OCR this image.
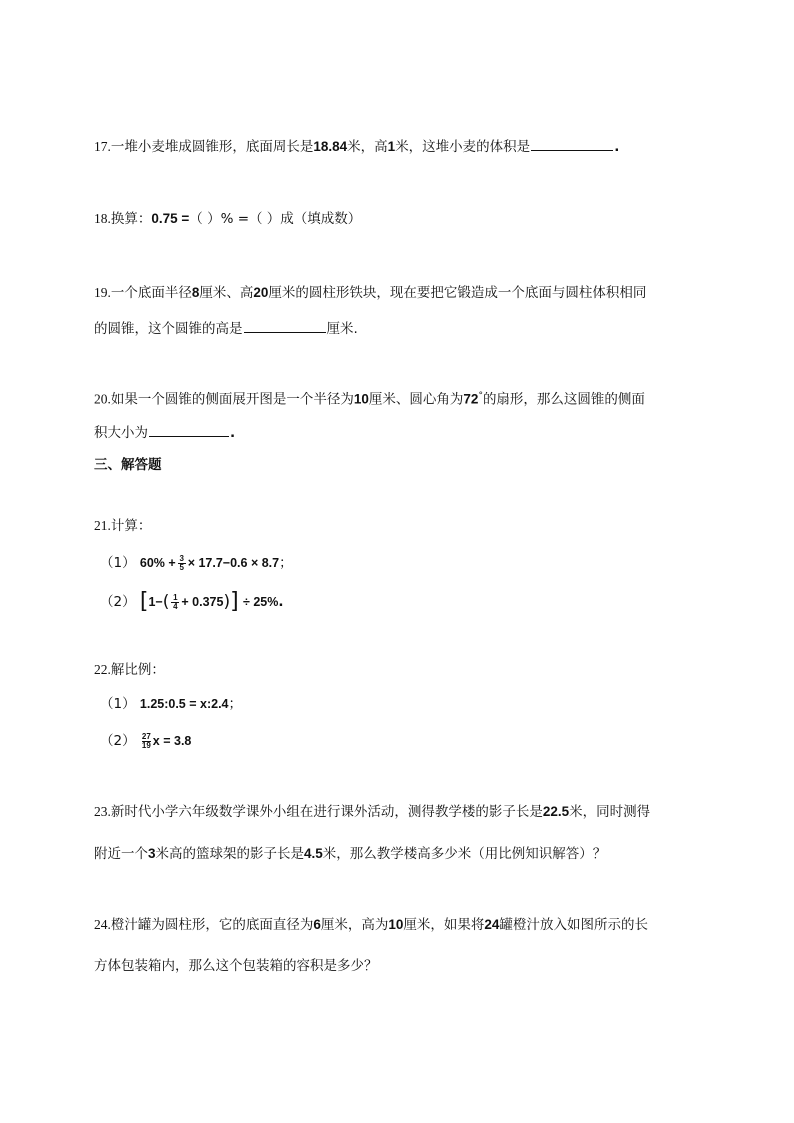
17.一堆小麦堆成圆锥形，底面周长是18.84米，高1米，这堆小麦的体积是	.
18.换算：0.75 =（ ）% =（ ）成（填成数）
19.一个底面半径8厘米、高20厘米的圆柱形铁块，现在要把它锻造成一个底面与圆柱体积相同
的圆锥，这个圆锥的高是	厘米.
20.如果一个圆锥的侧面展开图是一个半径为10厘米、圆心角为72°的扇形，那么这圆锥的侧面
积大小为	.
三、解答题
21.计算：
（1） $60\% + \frac{3}{5} \times 17.7-0.6 \times 8.7$；
（2） $[1-( \frac{1}{4} + 0.375)] \div 25\%$.
22.解比例：
（1） 1.25:0.5 = x:2.4；
$(2) \frac{27}{19}$ x = 3.8
23.新时代小学六年级数学课外小组在进行课外活动，测得教学楼的影子长是22.5米，同时测得
附近一个3米高的篮球架的影子长是4.5米，那么教学楼高多少米（用比例知识解答）？
24.橙汁罐为圆柱形，它的底面直径为6厘米，高为10厘米，如果将24罐橙汁放入如图所示的长
方体包装箱内，那么这个包装箱的容积是多少？
